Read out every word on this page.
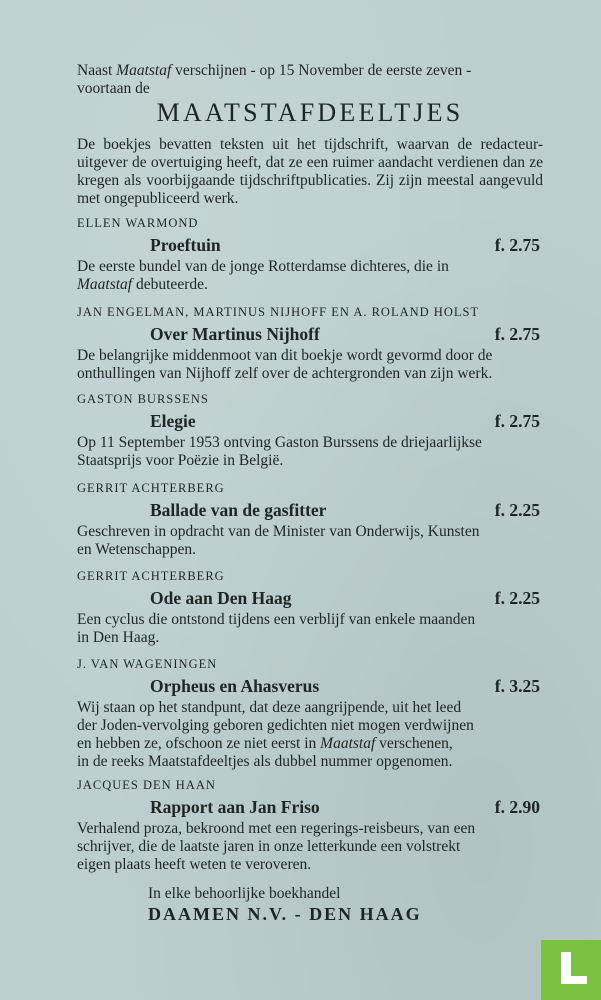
Naast Maatstaf verschijnen - op 15 November de eerste zeven -
voortaan de
MAATSTAFDEELTJES
De boekjes bevatten teksten uit het tijdschrift, waarvan de redacteur-uitgever de overtuiging heeft, dat ze een ruimer aandacht verdienen dan ze kregen als voorbijgaande tijdschriftpublicaties. Zij zijn meestal aangevuld met ongepubliceerd werk.
ELLEN WARMOND
Proeftuin	f. 2.75
De eerste bundel van de jonge Rotterdamse dichteres, die in
Maatstaf debuteerde.
JAN ENGELMAN, MARTINUS NIJHOFF EN A. ROLAND HOLST
Over Martinus Nijhoff	f. 2.75
De belangrijke middenmoot van dit boekje wordt gevormd door de
onthullingen van Nijhoff zelf over de achtergronden van zijn werk.
GASTON BURSSENS
Elegie	f. 2.75
Op 11 September 1953 ontving Gaston Burssens de driejaarlijkse
Staatsprijs voor Poëzie in België.
GERRIT ACHTERBERG
Ballade van de gasfitter	f. 2.25
Geschreven in opdracht van de Minister van Onderwijs, Kunsten
en Wetenschappen.
GERRIT ACHTERBERG
Ode aan Den Haag	f. 2.25
Een cyclus die ontstond tijdens een verblijf van enkele maanden
in Den Haag.
J. VAN WAGENINGEN
Orpheus en Ahasverus	f. 3.25
Wij staan op het standpunt, dat deze aangrijpende, uit het leed
der Joden-vervolging geboren gedichten niet mogen verdwijnen
en hebben ze, ofschoon ze niet eerst in Maatstaf verschenen,
in de reeks Maatstafdeeltjes als dubbel nummer opgenomen.
JACQUES DEN HAAN
Rapport aan Jan Friso	f. 2.90
Verhalend proza, bekroond met een regerings-reisbeurs, van een
schrijver, die de laatste jaren in onze letterkunde een volstrekt
eigen plaats heeft weten te veroveren.
In elke behoorlijke boekhandel
DAAMEN N.V. - DEN HAAG
